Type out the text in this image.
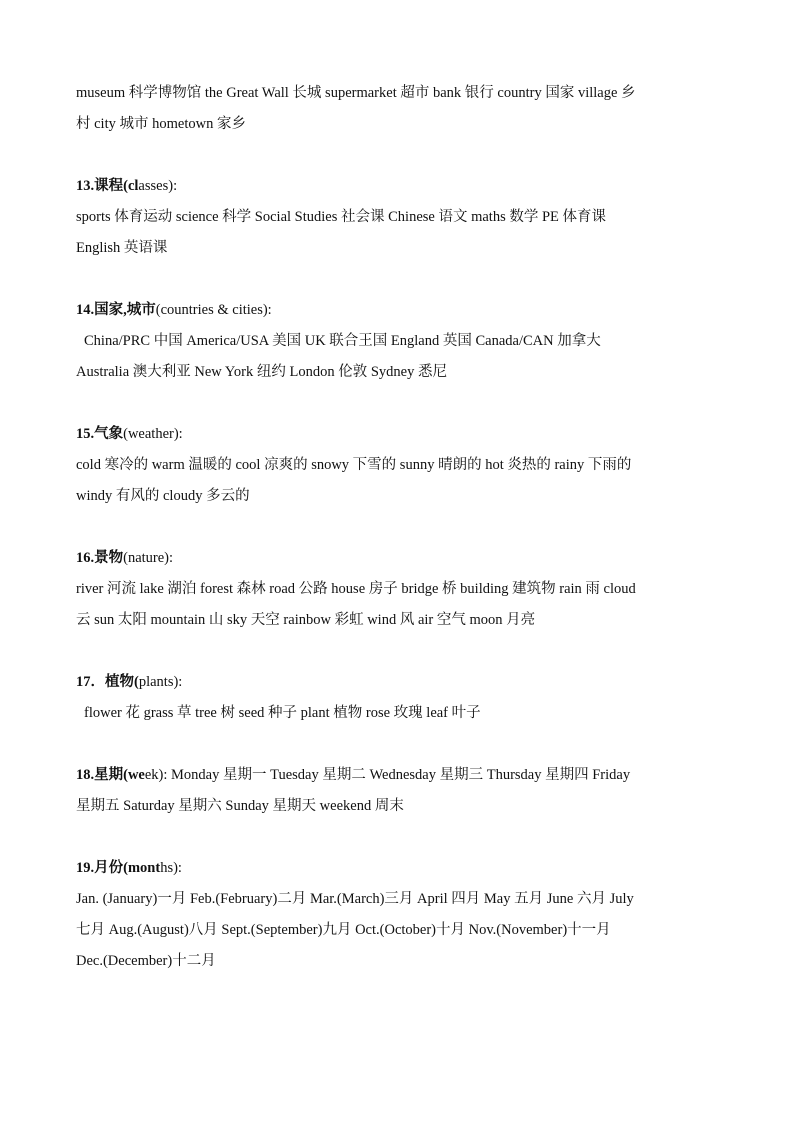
museum 科学博物馆 the Great Wall 长城 supermarket 超市 bank 银行 country 国家 village 乡
村 city 城市 hometown 家乡
13.课程(classes):
sports 体育运动 science 科学 Social Studies 社会课 Chinese 语文 maths 数学 PE 体育课
English 英语课
14.国家,城市(countries & cities):
China/PRC 中国 America/USA 美国 UK 联合王国 England 英国 Canada/CAN 加拿大
Australia 澳大利亚 New York 纽约 London 伦敦 Sydney 悉尼
15.气象(weather):
cold 寒冷的 warm 温暖的 cool 凉爽的 snowy 下雪的 sunny 晴朗的 hot 炎热的 rainy 下雨的
windy 有风的 cloudy 多云的
16.景物(nature):
river 河流 lake 湖泊 forest 森林 road 公路 house 房子 bridge 桥 building 建筑物 rain 雨 cloud
云 sun 太阳 mountain 山 sky 天空 rainbow 彩虹 wind 风 air 空气 moon 月亮
17．植物(plants):
flower 花 grass 草 tree 树 seed 种子 plant 植物 rose 玫瑰 leaf 叶子
18.星期(week): Monday 星期一 Tuesday 星期二 Wednesday 星期三 Thursday 星期四 Friday
星期五 Saturday 星期六 Sunday 星期天 weekend 周末
19.月份(months):
Jan. (January)一月 Feb.(February)二月 Mar.(March)三月 April 四月 May 五月 June 六月 July
七月 Aug.(August)八月 Sept.(September)九月 Oct.(October)十月 Nov.(November)十一月
Dec.(December)十二月
